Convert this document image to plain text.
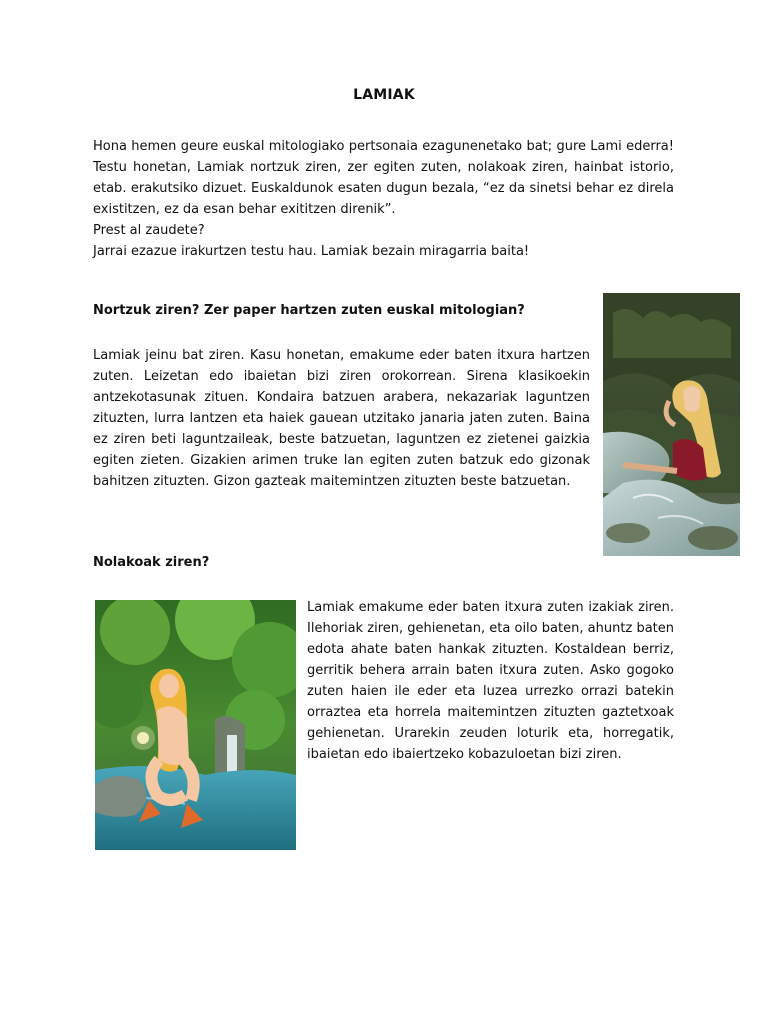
LAMIAK

Hona hemen geure euskal mitologiako pertsonaia ezagunenetako bat; gure Lami ederra! Testu honetan, Lamiak nortzuk ziren, zer egiten zuten, nolakoak ziren, hainbat istorio, etab. erakutsiko dizuet. Euskaldunok esaten dugun bezala, “ez da sinetsi behar ez direla existitzen, ez da esan behar exititzen direnik”.

Prest al zaudete?

Jarrai ezazue irakurtzen testu hau. Lamiak bezain miragarria baita!

Nortzuk ziren? Zer paper hartzen zuten euskal mitologian?

Lamiak jeinu bat ziren. Kasu honetan, emakume eder baten itxura hartzen zuten. Leizetan edo ibaietan bizi ziren orokorrean. Sirena klasikoekin antzekotasunak zituen. Kondaira batzuen arabera, nekazariak laguntzen zituzten, lurra lantzen eta haiek gauean utzitako janaria jaten zuten. Baina ez ziren beti laguntzaileak, beste batzuetan, laguntzen ez zietenei gaizkia egiten zieten. Gizakien arimen truke lan egiten zuten batzuk edo gizonak bahitzen zituzten. Gizon gazteak maitemintzen zituzten beste batzuetan.

Nolakoak ziren?

Lamiak emakume eder baten itxura zuten izakiak ziren. Ilehoriak ziren, gehienetan, eta oilo baten, ahuntz baten edota ahate baten hankak zituzten. Kostaldean berriz, gerritik behera arrain baten itxura zuten. Asko gogoko zuten haien ile eder eta luzea urrezko orrazi batekin orraztea eta horrela maitemintzen zituzten gaztetxoak gehienetan. Urarekin zeuden loturik eta, horregatik, ibaietan edo ibaiertzeko kobazuloetan bizi ziren.
